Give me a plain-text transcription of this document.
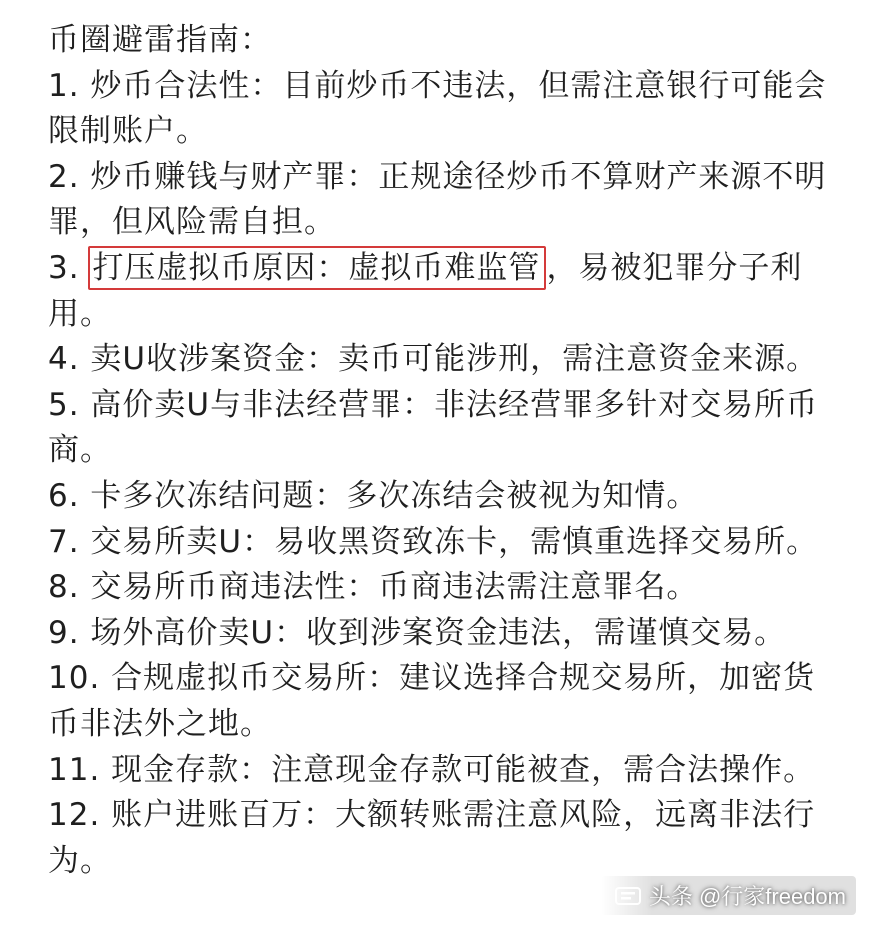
币圈避雷指南：
1. 炒币合法性：目前炒币不违法，但需注意银行可能会
限制账户。
2. 炒币赚钱与财产罪：正规途径炒币不算财产来源不明
罪，但风险需自担。
3. 打压虚拟币原因：虚拟币难监管 ，易被犯罪分子利
用。
4. 卖U收涉案资金：卖币可能涉刑，需注意资金来源。
5. 高价卖U与非法经营罪：非法经营罪多针对交易所币
商。
6. 卡多次冻结问题：多次冻结会被视为知情。
7. 交易所卖U：易收黑资致冻卡，需慎重选择交易所。
8. 交易所币商违法性：币商违法需注意罪名。
9. 场外高价卖U：收到涉案资金违法，需谨慎交易。
10. 合规虚拟币交易所：建议选择合规交易所，加密货
币非法外之地。
11. 现金存款：注意现金存款可能被查，需合法操作。
12. 账户进账百万：大额转账需注意风险，远离非法行
为。
头条 @行家freedom
